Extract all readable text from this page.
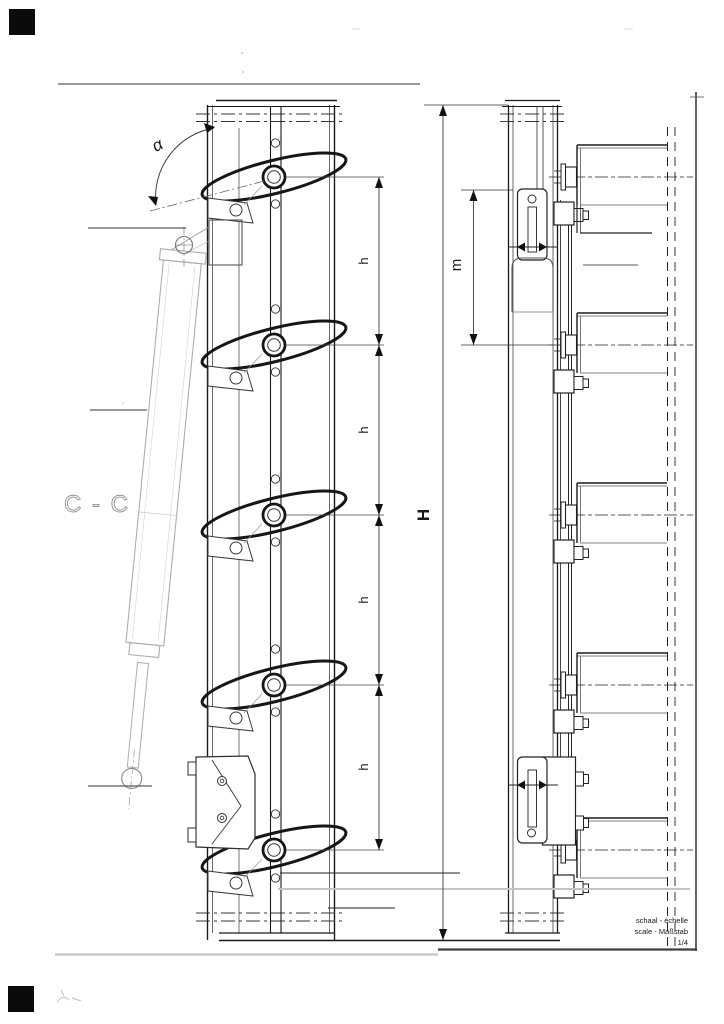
α
h
h
h
h
H
m
C - C
schaal - échelle
scale - Maßstab
1/4
